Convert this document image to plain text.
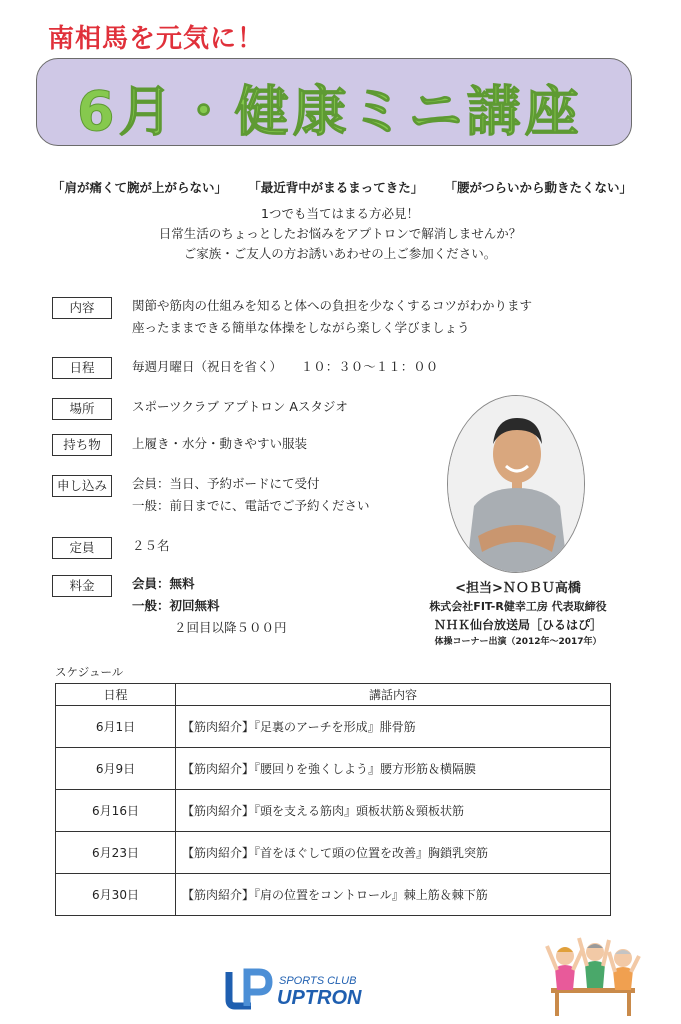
南相馬を元気に！
6月・健康ミニ講座
「肩が痛くて腕が上がらない」 「最近背中がまるまってきた」 「腰がつらいから動きたくない」
1つでも当てはまる方必見！
日常生活のちょっとしたお悩みをアプトロンで解消しませんか？
ご家族・ご友人の方お誘いあわせの上ご参加ください。
内容	関節や筋肉の仕組みを知ると体への負担を少なくするコツがわかります
座ったままできる簡単な体操をしながら楽しく学びましょう
日程	毎週月曜日（祝日を省く）　　１０：３０〜１１：００
場所	スポーツクラブ アプトロン Aスタジオ
持ち物	上履き・水分・動きやすい服装
申し込み	会員：当日、予約ボードにて受付
一般：前日までに、電話でご予約ください
定員	２５名
料金	会員：無料
一般：初回無料
２回目以降５００円
<担当>ＮＯＢＵ高橋
株式会社FIT-R健幸工房 代表取締役
ＮＨＫ仙台放送局［ひるはぴ］
体操コーナー出演（2012年〜2017年）
スケジュール
日程	講話内容
6月1日	【筋肉紹介】『足裏のアーチを形成』腓骨筋
6月9日	【筋肉紹介】『腰回りを強くしよう』腰方形筋＆横隔膜
6月16日	【筋肉紹介】『頭を支える筋肉』頭板状筋＆頸板状筋
6月23日	【筋肉紹介】『首をほぐして頭の位置を改善』胸鎖乳突筋
6月30日	【筋肉紹介】『肩の位置をコントロール』棘上筋＆棘下筋
SPORTS CLUB
UPTRON
